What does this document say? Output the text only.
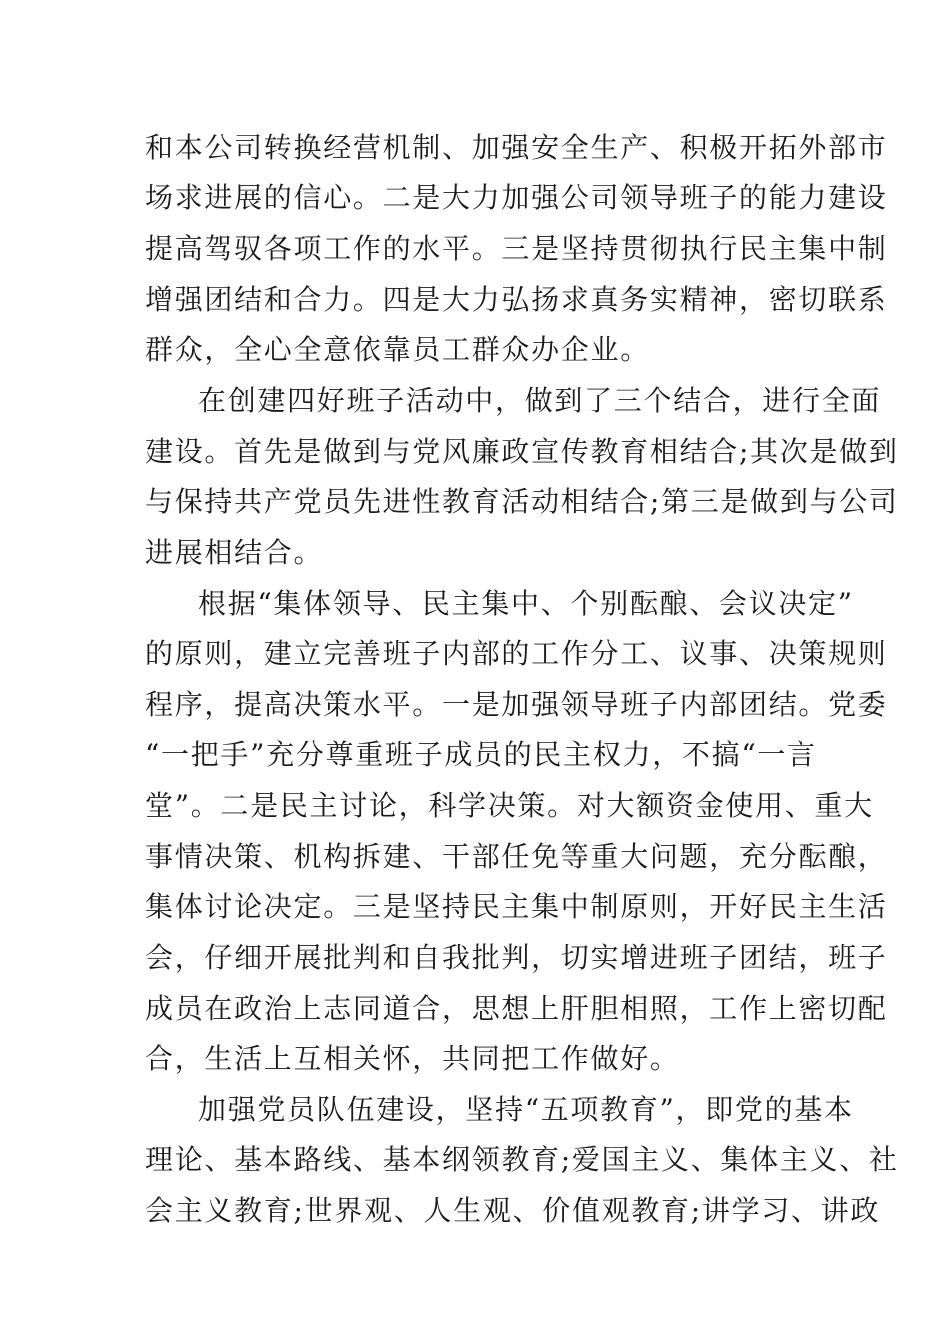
和本公司转换经营机制、加强安全生产、积极开拓外部市
场求进展的信心。二是大力加强公司领导班子的能力建设
提高驾驭各项工作的水平。三是坚持贯彻执行民主集中制
增强团结和合力。四是大力弘扬求真务实精神，密切联系
群众，全心全意依靠员工群众办企业。
在创建四好班子活动中，做到了三个结合，进行全面
建设。首先是做到与党风廉政宣传教育相结合;其次是做到
与保持共产党员先进性教育活动相结合;第三是做到与公司
进展相结合。
根据“集体领导、民主集中、个别酝酿、会议决定”
的原则，建立完善班子内部的工作分工、议事、决策规则
程序，提高决策水平。一是加强领导班子内部团结。党委
“一把手”充分尊重班子成员的民主权力，不搞“一言
堂”。二是民主讨论，科学决策。对大额资金使用、重大
事情决策、机构拆建、干部任免等重大问题，充分酝酿，
集体讨论决定。三是坚持民主集中制原则，开好民主生活
会，仔细开展批判和自我批判，切实增进班子团结，班子
成员在政治上志同道合，思想上肝胆相照，工作上密切配
合，生活上互相关怀，共同把工作做好。
加强党员队伍建设，坚持“五项教育”，即党的基本
理论、基本路线、基本纲领教育;爱国主义、集体主义、社
会主义教育;世界观、人生观、价值观教育;讲学习、讲政
